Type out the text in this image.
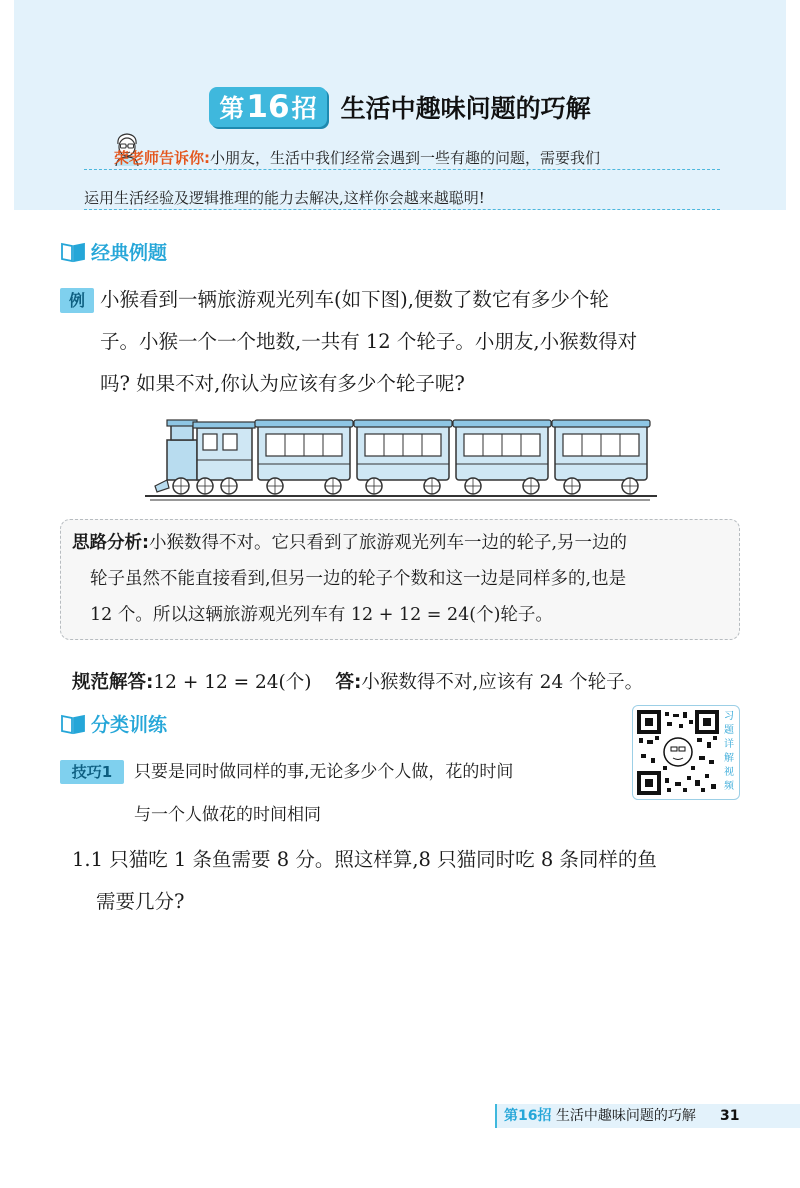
第 16 招 生活中趣味问题的巧解
荣老师告诉你:小朋友，生活中我们经常会遇到一些有趣的问题，需要我们
运用生活经验及逻辑推理的能力去解决,这样你会越来越聪明!
经典例题
例 小猴看到一辆旅游观光列车(如下图),便数了数它有多少个轮
子。小猴一个一个地数,一共有 12 个轮子。小朋友,小猴数得对
吗? 如果不对,你认为应该有多少个轮子呢?
思路分析:小猴数得不对。它只看到了旅游观光列车一边的轮子,另一边的
轮子虽然不能直接看到,但另一边的轮子个数和这一边是同样多的,也是
12 个。所以这辆旅游观光列车有 12 + 12 = 24(个)轮子。
规范解答:12 + 12 = 24(个) 答:小猴数得不对,应该有 24 个轮子。
分类训练
技巧1	只要是同时做同样的事,无论多少个人做，花的时间
与一个人做花的时间相同
习
题
详
解
视
频
1.1 只猫吃 1 条鱼需要 8 分。照这样算,8 只猫同时吃 8 条同样的鱼
需要几分?
第16招 生活中趣味问题的巧解 31
